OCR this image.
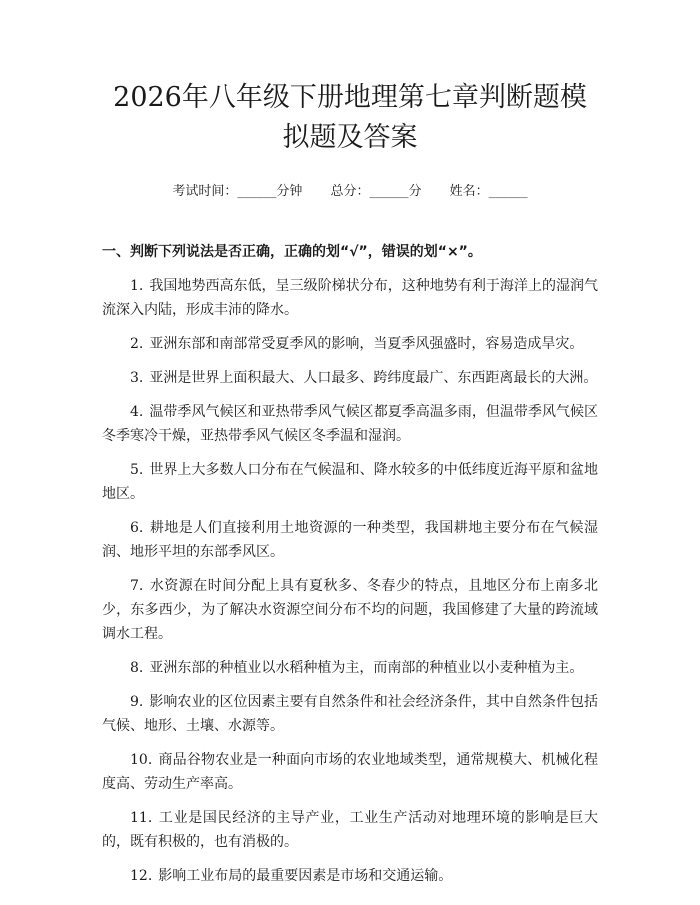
2026年八年级下册地理第七章判断题模拟题及答案
考试时间：______分钟 总分：______分 姓名：______
一、判断下列说法是否正确，正确的划“√”，错误的划“×”。

1. 我国地势西高东低，呈三级阶梯状分布，这种地势有利于海洋上的湿润气流深入内陆，形成丰沛的降水。

2. 亚洲东部和南部常受夏季风的影响，当夏季风强盛时，容易造成旱灾。

3. 亚洲是世界上面积最大、人口最多、跨纬度最广、东西距离最长的大洲。

4. 温带季风气候区和亚热带季风气候区都夏季高温多雨，但温带季风气候区冬季寒冷干燥，亚热带季风气候区冬季温和湿润。

5. 世界上大多数人口分布在气候温和、降水较多的中低纬度近海平原和盆地地区。

6. 耕地是人们直接利用土地资源的一种类型，我国耕地主要分布在气候湿润、地形平坦的东部季风区。

7. 水资源在时间分配上具有夏秋多、冬春少的特点，且地区分布上南多北少，东多西少，为了解决水资源空间分布不均的问题，我国修建了大量的跨流域调水工程。

8. 亚洲东部的种植业以水稻种植为主，而南部的种植业以小麦种植为主。

9. 影响农业的区位因素主要有自然条件和社会经济条件，其中自然条件包括气候、地形、土壤、水源等。

10. 商品谷物农业是一种面向市场的农业地域类型，通常规模大、机械化程度高、劳动生产率高。

11. 工业是国民经济的主导产业，工业生产活动对地理环境的影响是巨大的，既有积极的，也有消极的。

12. 影响工业布局的最重要因素是市场和交通运输。
